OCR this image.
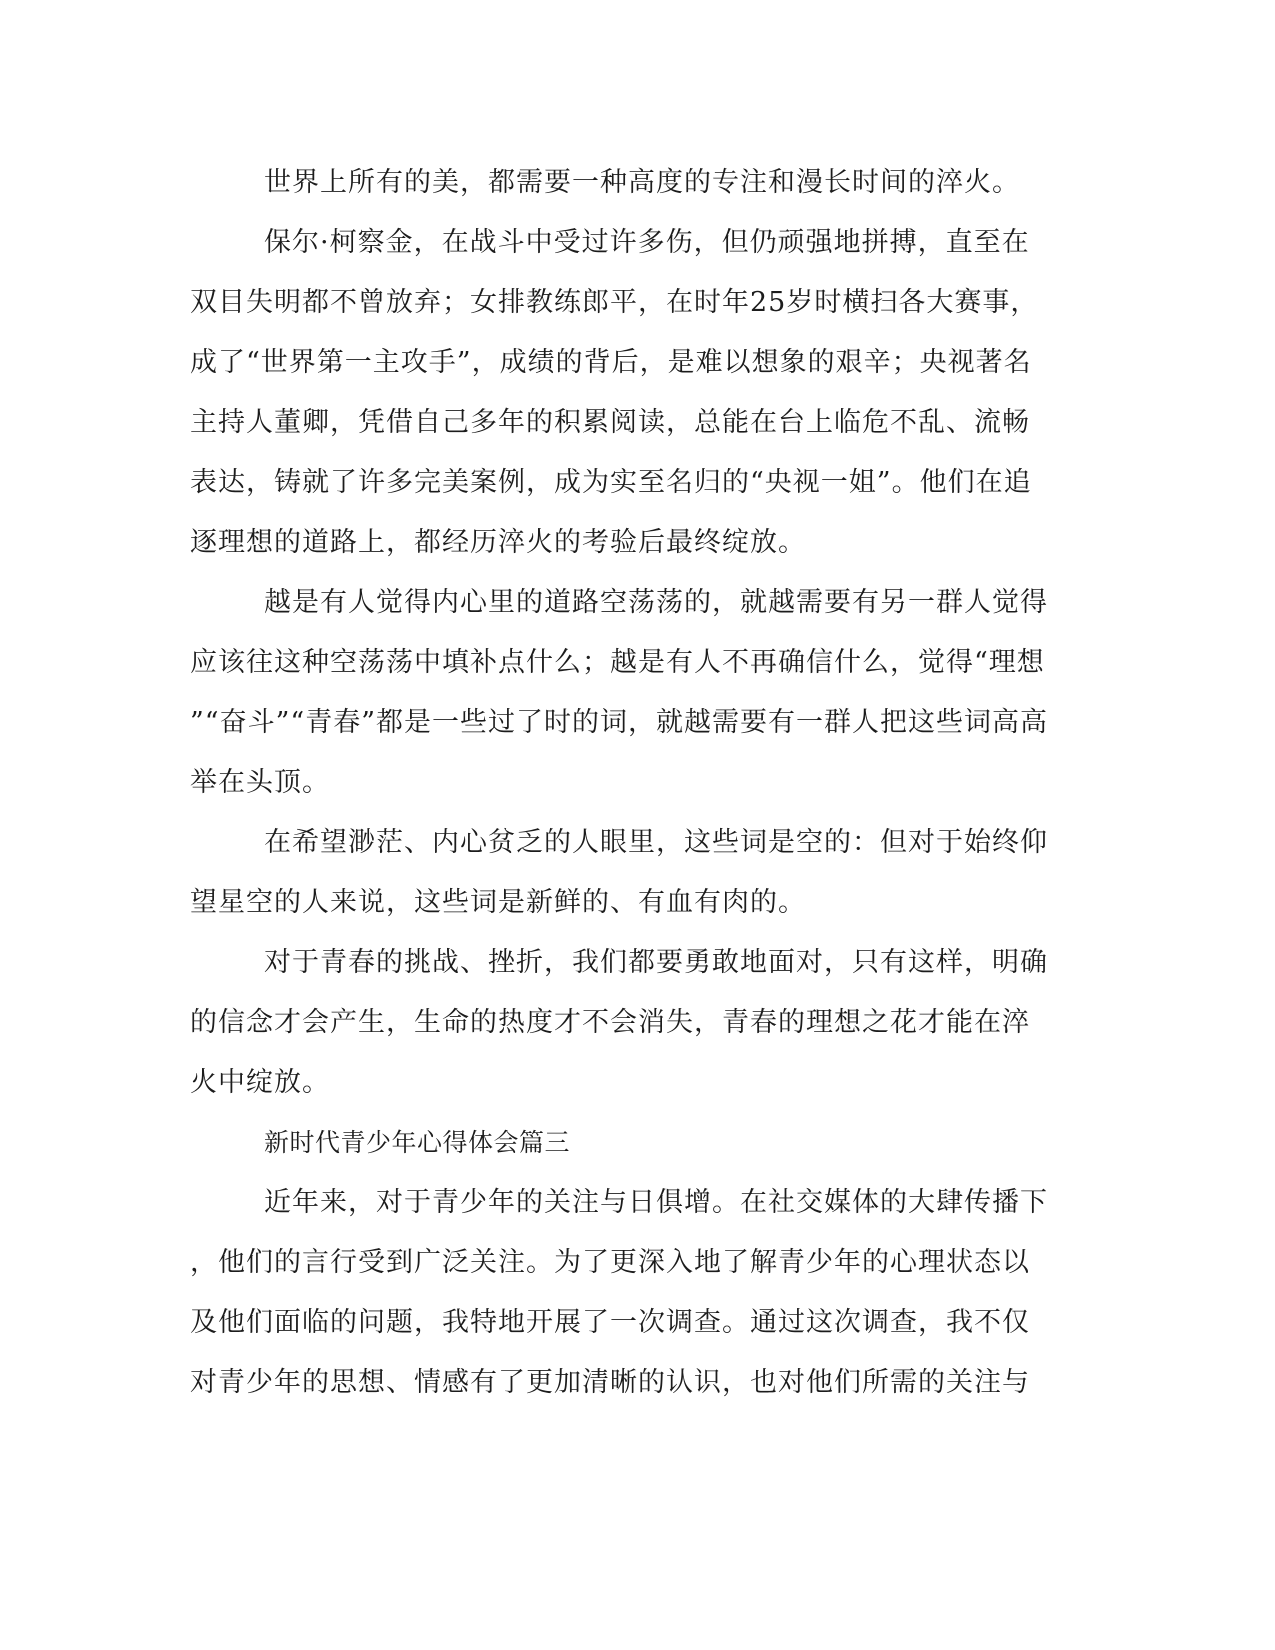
世界上所有的美，都需要一种高度的专注和漫长时间的淬火。
保尔·柯察金，在战斗中受过许多伤，但仍顽强地拼搏，直至在
双目失明都不曾放弃；女排教练郎平，在时年25岁时横扫各大赛事，
成了“世界第一主攻手”，成绩的背后，是难以想象的艰辛；央视著名
主持人董卿，凭借自己多年的积累阅读，总能在台上临危不乱、流畅
表达，铸就了许多完美案例，成为实至名归的“央视一姐”。他们在追
逐理想的道路上，都经历淬火的考验后最终绽放。
越是有人觉得内心里的道路空荡荡的，就越需要有另一群人觉得
应该往这种空荡荡中填补点什么；越是有人不再确信什么，觉得“理想
”“奋斗”“青春”都是一些过了时的词，就越需要有一群人把这些词高高
举在头顶。
在希望渺茫、内心贫乏的人眼里，这些词是空的：但对于始终仰
望星空的人来说，这些词是新鲜的、有血有肉的。
对于青春的挑战、挫折，我们都要勇敢地面对，只有这样，明确
的信念才会产生，生命的热度才不会消失，青春的理想之花才能在淬
火中绽放。
新时代青少年心得体会篇三
近年来，对于青少年的关注与日俱增。在社交媒体的大肆传播下
，他们的言行受到广泛关注。为了更深入地了解青少年的心理状态以
及他们面临的问题，我特地开展了一次调查。通过这次调查，我不仅
对青少年的思想、情感有了更加清晰的认识，也对他们所需的关注与
